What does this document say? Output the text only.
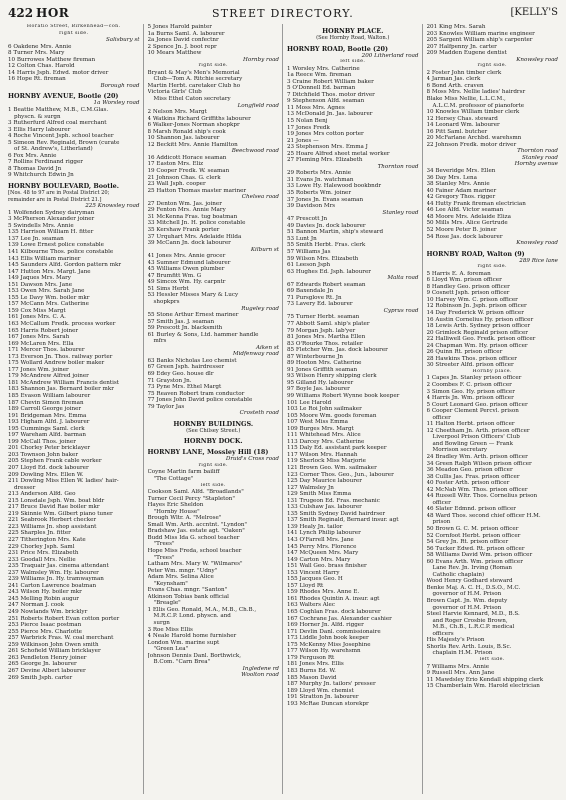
422 HOR	STREET DIRECTORY.	[KELLY'S
Horatio Street, Birkenhead—con.
right side.
Salisbury st
6 Oakdene Mrs. Annie
8 Turner Mrs. Mary
10 Burrowes Matthew fireman
12 Colton Chas. Harold
14 Harris Jsph. Edwd. motor driver
16 Hope Rt. fireman
Borough road
HORNBY AVENUE, Bootle (20)
1a Worsley road
1 Beattie Matthew, M.B., C.M.Glas.
physcn. & surgn
3 Rutherfurd Alfred coal merchant
3 Ellis Harry labourer
4 Roche Vincent Jsph. school teacher
5 Simeon Rev. Reginald, Brown (curate
of St. Andrew's, Litherland)
6 Fox Mrs. Annie
7 Rollins Ferdinand rigger
8 Thomas David Jn
9 Whitchurch Edwin Jn
HORNBY BOULEVARD, Bootle.
[Nos. 48 to 97 are in Postal District 20;
remainder are in Postal District 21.]
225 Knowsley road
1 Wolfenden Sydney dairyman
3 McPherson Alexander joiner
5 Swindells Mrs. Annie
135 Harrison William H. fitter
137 Lee Jn. seaman
139 Lowe Ernest police constable
141 Kilbourne Thos. police constable
143 Ellis William mariner
145 Saunders Alfd. Gordon pattern mkr
147 Hutton Mrs. Margt. Jane
149 Jaques Mrs. Mary
151 Dawson Mrs. Jane
153 Owen Mrs. Sarah Jane
155 Le Davy Wm. boiler mkr
157 McCann Mrs. Catherine
159 Cox Miss Margt
161 Jones Mrs. C. A.
163 McCallum Fredk. process worker
165 Harris Robert joiner
167 Jones Mrs. Sarah
169 McLaren Mrs. Ella
171 Mercer Thos. labourer
173 Everson Jn. Thos. railway porter
175 Wollard Andrew boiler maker
177 Jones Wm. joiner
179 McAndrew Alfred joiner
181 McAndrew William Francis dentist
183 Shannon Jas. Bernard boiler mkr
185 Evason William labourer
187 Chevin Simon fireman
189 Carroll George joiner
191 Bridgeman Mrs. Emma
193 Higham Alfd. J. labourer
195 Cummings Saml. clerk
197 Wareham Alfd. barman
199 McCall Thos. joiner
201 Chorley Peter bricklayer
203 Townson John baker
205 Stephen Frank cable worker
207 Lloyd Ed. dock labourer
209 Dowling Mrs. Ellen W.
211 Dowling Miss Ellen W. ladies' hair-
dresser
213 Anderson Alfd. Geo
215 Lonsdale Jsph. Wm. boat bldr
217 Bruce David Rae boiler mkr
219 Skinnie Wm. Gilbert piano tuner
221 Seabrook Herbert checker
223 Williams Jn. shop assistant
225 Sharples Jn. fitter
227 Titherington Mrs. Kate
229 Chorley Jsph. Saml
231 Price Mrs. Elizabeth
233 Goodall Mrs. Nellie
235 Traquair Jas. cinema attendant
237 Walmsley Wm. Hy. labourer
239 Williams Jn. Hy. tramwayman
241 Carton Lawrence boatman
243 Wilson Hy. boiler mkr
245 Melling Robin augur
247 Norman J. cook
249 Nowlands Wm. bricklyr
251 Roberts Robert Evan cotton porter
253 Pierce Isaac postman
255 Pierce Mrs. Charlotte
257 Warbrick Fras. W. coal merchant
259 Wilkinson John Owen smith
261 Schofield William bricklayer
263 Pendleton Henry joiner
265 George Jn. labourer
267 Devine Albert labourer
269 Smith Jsph. carter
5 Jones Harold painter
1a Burns Saml. A. labourer
2a Jones David confectnr
2 Spence Jn. J. boot repr
10 Mears Matthew
Hornby road
right side.
Bryant & May's Men's Memorial
Club—Tom A. Ritchie secretary
Martin Herbt. caretaker Club ho
Victoria Girls' Club
Miss Ethel Caton secretary
Longfield road
2 Nelson Mrs. Margt
4 Watkins Richard Griffiths labourer
6 Walker-Jones Norman shopkpr
8 Marsh Ronald ship's cook
10 Shannon Jas. labourer
12 Beckitt Mrs. Annie Hamilton
Beechwood road
16 Addicott Horace seaman
17 Easton Mrs. Eliz
19 Cooper Fredk. W. seaman
21 Johnson Chas. G. clerk
23 Wall Jsph. cooper
25 Hatton Thomas master mariner
Chelsea road
27 Denton Wm. Jas. joiner
29 Fenton Mrs. Annie Mary
31 McKenna Fras. tug boatman
33 Mitchell Jn. H. police constable
35 Kershaw Frank porter
37 Urquhart Mrs. Adelaide Hilda
39 McCann Jn. dock labourer
Kilburn st
41 Jones Mrs. Annie grocer
43 Sumner Edmund labourer
45 Williams Owen plumber
47 Brumfitt Wm. G
49 Simcox Wm. Hy. carpntr
51 Sims Herbt
53 Hessler Misses Mary & Lucy
shopkprs
Rugeley road
55 Stone Arthur Ernest mariner
57 Smith Jas. J. seaman
59 Prescott Jn. blacksmith
61 Burley & Sons, Ltd. hammer handle
mfrs
Aiken st
Midfenway road
63 Banks Nicholas Leo chemist
67 Green Jsph. hairdresser
69 Edey Geo. house dlr
71 Grayston Jn.
73 Pyne Mrs. Ethel Margt
75 Reaven Robert tram conductor
77 Jones John David police constable
79 Taylor Jas
Crosteth road
HORNBY BUILDINGS.
(See Chilsey Street.)
HORNBY DOCK.
HORNBY LANE, Mossley Hill (18)
Druid's Cross road
right side.
Coyne Martin farm bailiff
"The Cottage"
left side.
Cookson Saml. Alfd. "Broadlands"
Turner Cecil Percy "Stapleton"
Hayes Eric Sheldon
"Hornby House"
Brough Wltr. A. "Melrose"
Small Wm. Arth. accntnt. "Lyndon"
Bradshaw Jas. estate agt. "Oaken"
Budd Miss Ida G. school teacher
"Trees"
Hope Miss Freda, school teacher
"Trees"
Latham Mrs. Mary W. "Wilmares"
Peter Wm. mngr. "Udny"
Adam Mrs. Selina Alice
"Keynsham"
Evans Chas. mngr. "Santon"
Atkinson Tobias bank official
"Breagle"
1 Ellis Geo. Ronald, M.A., M.B., Ch.B.,
M.R.C.P. Lond. physcn. and
surgn
3 Roe Miss Ellis
4 Neale Harold home furnisher
London Wm. marine supt
"Green Lea"
Johnson Dennis Danl. Borthwick,
B.Com. "Carn Brea"
Ingledene rd
Woolton road
HORNBY PLACE.
(See Hornby Road, Walton.)
HORNBY ROAD, Bootle (20)
200 Litherland road
left side.
1 Worsley Mrs. Catherine
1a Reece Wm. fireman
3 Craine Robert William baker
5 O'Donnell Ed. barman
7 Ditchfield Thos. motor driver
9 Stephenson Alfd. seaman
11 Moss Mrs. Agnes
13 McDonald Jn. Jas. labourer
15 Nolan Benj
17 Jones Fredk
19 Jones Mrs cotton porter
21 Jones —
23 Stephenson Mrs. Emma J
25 Hoare Alfred sheet metal worker
27 Fleming Mrs. Elizabeth
Thornton road
29 Roberts Mrs. Annie
31 Evans Jn. watchman
33 Lowe Hy. Halewood bookbndr
35 Roberts Wm. joiner
37 Jones Jn. Evans seaman
39 Davidson Mrs
Stanley road
47 Prescott Jn
49 Davies Jn. dock labourer
51 Bannon Martin, ship's steward
53 Lunt Jn
55 Smith Herbt. Fras. clerk
57 Williams Jas
59 Wilson Mrs. Elizabeth
61 Leeson Jsph
63 Hughes Ed. Jsph. labourer
Malta road
67 Edwards Robert seaman
69 Baxendale Jn
71 Pursglove Rt. Jn
73 Lavery Ed. labourer
Cyprus road
75 Turner Herbt. seaman
77 Abbott Saml. ship's plater
79 Morgan Jsph. lab'yer
81 Jones Mrs. Martha Ellen
83 O'Rourke Thos. retailer
85 Fletcher Wm. Jas. dock labourer
87 Winterbourne Jn
89 Hooton Mrs. Catherine
91 Jones Griffith seaman
93 Wilson Henry shipping clerk
95 Gilland Hy. labourer
97 Boyle Jas. labourer
99 Williams Robert Wynne book keeper
101 Lee Harold
103 Le Roi John sailmaker
105 Moore Wm. goods foreman
107 West Miss Emma
109 Burges Mrs. Margt
111 Whitehead Mrs. Alice
113 Darcey Mrs. Catherine
115 Daly Ed. assistant park keeper
117 Wilson Mrs. Hannah
119 Sherlock Miss Marjorie
121 Brown Geo. Wm. sailmaker
123 Corner Thos. Geo., Jun., labourer
125 Day Maurice labourer
127 Walmsley Jn
129 Smith Miss Emma
131 Trugeon Ed. Fras. mechanic
133 Culshaw Jas. labourer
135 Smith Sydney David hairdrser
137 Smith Reginald, Bernard insur. agt
139 Healy Jn. tailor
141 Lynch Philip labourer
143 O'Farrell Mrs. Jane
145 Perry Mrs. Florence
147 McQueen Mrs. Mary
149 Carton Mrs. Mary
151 Wall Geo. brass finisher
153 Vincent Harry
155 Jacques Geo. H
157 Lloyd Rt
159 Rhodes Mrs. Anne E.
161 Rhodes Quintin A. insur. agt
163 Walters Alec
165 Coghlan Fras. dock labourer
167 Cochrane Jas. Alexander cashier
169 Horner Jn. Alfd. rigger
171 Devlin Danl. commissionaire
173 Liddle John book keeper
175 McKenny Miss Josephine
177 Wilson Hy. warehsmn
179 Ferguson Rt
181 Jones Mrs. Ellis
183 Burns Ed. W.
185 Mason David
187 Murphy Jn. tailors' presser
189 Lloyd Wm. chemist
191 Stratton Jn. labourer
193 McRae Duncan storekpr
201 King Mrs. Sarah
203 Knowles William marine engineer
205 Sargent William ship's carpenter
207 Halfpenny Jn. carter
209 Madden Eugene dentist
Knowsley road
right side.
2 Foster John timber clerk
4 Jarman Jas. clerk
6 Bond Arth. craven
8 Moss Mrs. Nellie ladies' hairdrsr
Blake Miss Nellie, L.L.C.M.,
A.L.C.M. professor of pianoforte
10 Knowles William timber clerk
12 Hersey Chas. steward
14 Leonard Wm. labourer
16 Pitt Saml. butcher
20 McFarlane Archbd. warehsmn
22 Johnson Fredk. motor driver
Thornton road
Stanley road
Hornby avenue
34 Beveridge Mrs. Ellen
36 Day Mrs. Lena
38 Stanley Mrs. Annie
40 Fainer Adam mariner
42 Gregory Thos. rigger
44 Hutty Frank fireman electrician
46 Lee Alfd. Victor seaman
48 Moore Mrs. Adelaide Eliza
50 Mills Mrs. Alice Gertrude
52 Moore Peter B. joiner
54 Rose Jas. dock labourer
Knowsley road
HORNBY ROAD, Walton (9)
289 Rice lane
right side.
5 Harris E. A. foreman
6 Lloyd Wm. prison officer
8 Handley Geo. prison officer
9 Cosnett Jsph. prison officer
10 Harvey Wm. C. prison officer
12 Robinson Jn. Jsph. prison officer
14 Day Frederick W. prison officer
16 Austin Cornelius Hy. prison officer
18 Lewis Arth. Sydney prison officer
20 Grimlock Reginald prison officer
22 Halliwell Geo. Fredk. prison officer
24 Chapman Wm. Hy. prison officer
26 Quinn Rt. prison officer
28 Hawkins Thos. prison officer
30 Streeter Alfd. prison officer
Hornby place.
1 Capes Jn. Stanley prison officer
2 Coombes F. C. prison officer
3 Simon Geo. Hy. prison officer
4 Harris Jn. Wm. prison officer
5 Court Leonard Geo. prison officer
6 Cooper Clement Percvl. prison
officer
11 Halton Herbt. prison officer
12 Cheetham Jn. Arth. prison officer
Liverpool Prison Officers' Club
and Bowling Green — Frank
Morrison secretary
24 Bradley Wm. Arth. prison officer
34 Green Ralph Wilson prison officer
36 Meadon Geo. prison officer
38 Cullis Jas. Fras. prison officer
40 Foster Arth. prison officer
42 McNab Wm. Thos. prison officer
44 Russell Wltr. Thos. Cornelius prison
officer
46 Slater Edmnd. prison officer
48 Ward Thos. second chief officer H.M.
prison
50 Brown G. C. M. prison officer
52 Cornfoot Herbt. prison officer
54 Grey Jn. Rt. prison officer
56 Tucker Edwd. Rt. prison officer
58 Williams David Wm. prison officer
60 Evans Arth. Wm. prison officer
Lane Rev. Jn. Irving (Roman
Catholic chaplain)
Wood Henry Godhard steward
Benke Maj. A. C. H., D.S.O., M.C.
governor of H.M. Prison
Brown Capt. Jn. Wm. deputy
governor of H.M. Prison
Steel Harvie Kennard, M.D., B.S.
and Roger Crosbie Brown,
M.B., Ch.B., L.R.C.P. medical
officers
His Majesty's Prison
Shorlis Rev. Arth. Louis, B.Sc.
chaplain H.M. Prison
left side.
7 Williams Mrs. Annie
9 Russell Mrs. Ann Jane
11 Mawdsley Erio Kendall shipping clerk
15 Chamberlain Wm. Harold electrician
